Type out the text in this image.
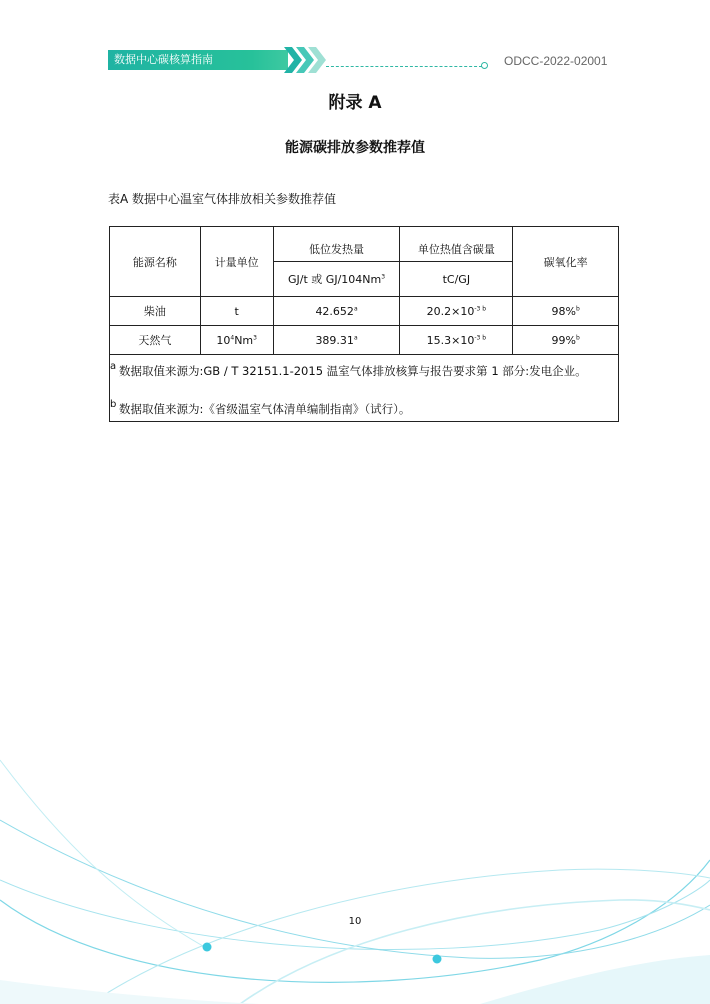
数据中心碳核算指南	ODCC-2022-02001
附录 A
能源碳排放参数推荐值
表A 数据中心温室气体排放相关参数推荐值
能源名称	计量单位	低位发热量	单位热值含碳量	碳氧化率
		GJ/t 或 GJ/104Nm$^3$	tC/GJ	
柴油	t	42.652$^a$	$20.2\times 10^{-3 b}$	98%$^b$
天然气	$10^4Nm^3$	389.31$^a$	$15.3\times 10^{-3 b}$	99%$^b$

a 数据取值来源为:GB / T 32151.1-2015 温室气体排放核算与报告要求第 1 部分:发电企业。
b 数据取值来源为:《省级温室气体清单编制指南》（试行）。				
10
